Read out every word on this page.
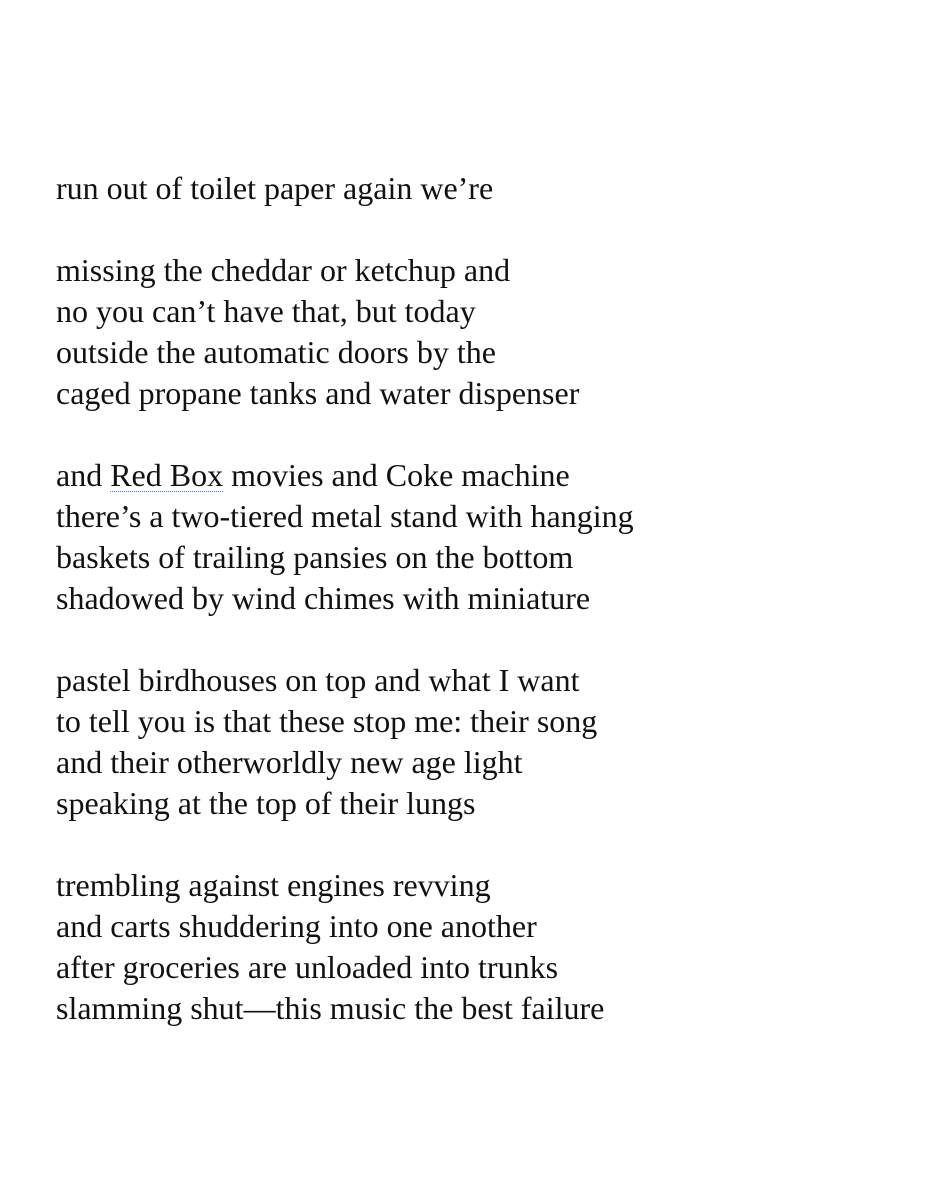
run out of toilet paper again we’re
missing the cheddar or ketchup and
no you can’t have that, but today
outside the automatic doors by the
caged propane tanks and water dispenser
and Red Box movies and Coke machine
there’s a two-tiered metal stand with hanging
baskets of trailing pansies on the bottom
shadowed by wind chimes with miniature
pastel birdhouses on top and what I want
to tell you is that these stop me: their song
and their otherworldly new age light
speaking at the top of their lungs
trembling against engines revving
and carts shuddering into one another
after groceries are unloaded into trunks
slamming shut—this music the best failure
